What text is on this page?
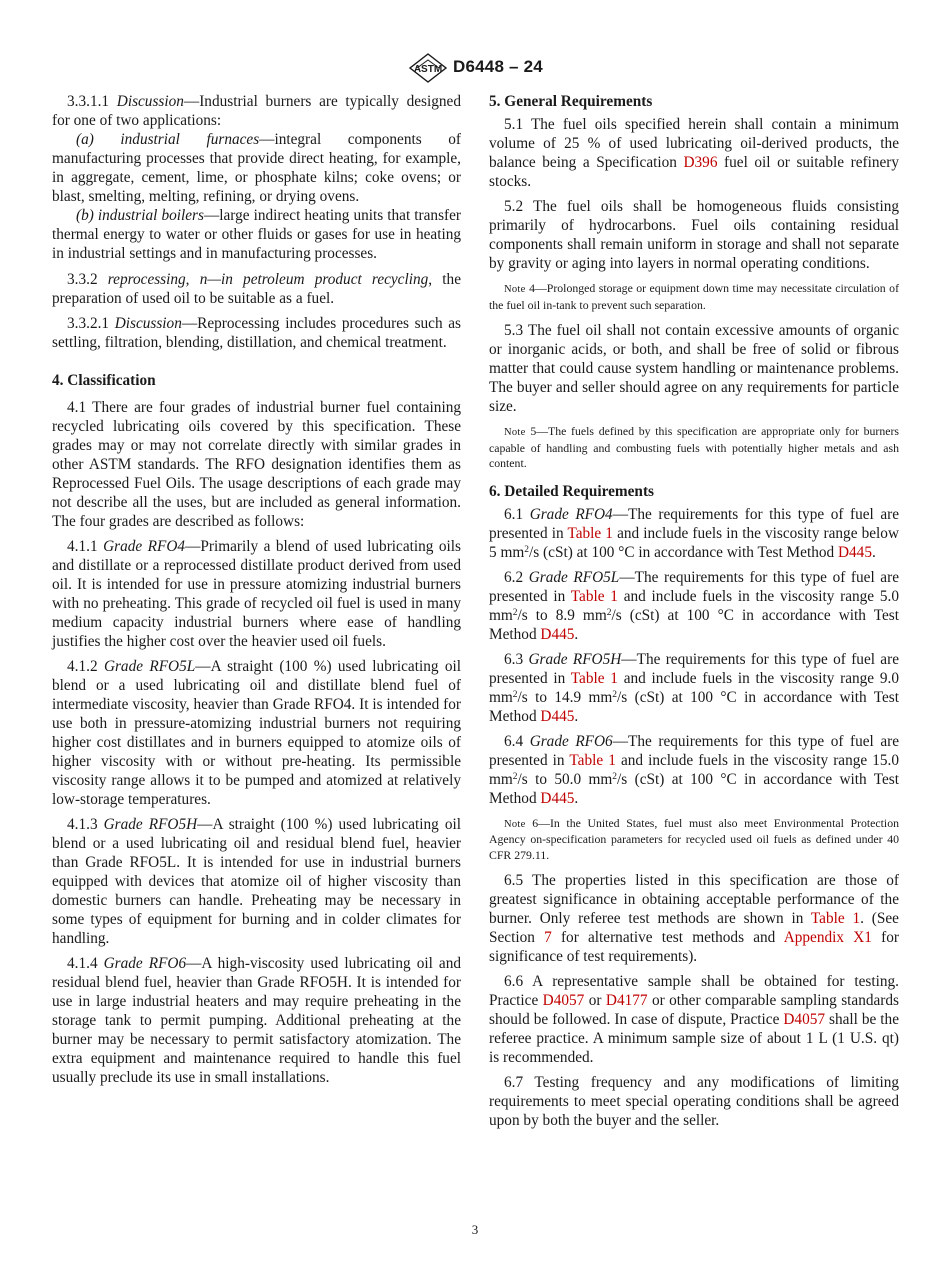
ASTM D6448 – 24

3.3.1.1 Discussion—Industrial burners are typically designed for one of two applications:

(a) industrial furnaces—integral components of manufacturing processes that provide direct heating, for example, in aggregate, cement, lime, or phosphate kilns; coke ovens; or blast, smelting, melting, refining, or drying ovens.

(b) industrial boilers—large indirect heating units that transfer thermal energy to water or other fluids or gases for use in heating in industrial settings and in manufacturing processes.

3.3.2 reprocessing, n—in petroleum product recycling, the preparation of used oil to be suitable as a fuel.

3.3.2.1 Discussion—Reprocessing includes procedures such as settling, filtration, blending, distillation, and chemical treatment.

4. Classification

4.1 There are four grades of industrial burner fuel containing recycled lubricating oils covered by this specification. These grades may or may not correlate directly with similar grades in other ASTM standards. The RFO designation identifies them as Reprocessed Fuel Oils. The usage descriptions of each grade may not describe all the uses, but are included as general information. The four grades are described as follows:

4.1.1 Grade RFO4—Primarily a blend of used lubricating oils and distillate or a reprocessed distillate product derived from used oil. It is intended for use in pressure atomizing industrial burners with no preheating. This grade of recycled oil fuel is used in many medium capacity industrial burners where ease of handling justifies the higher cost over the heavier used oil fuels.

4.1.2 Grade RFO5L—A straight (100 %) used lubricating oil blend or a used lubricating oil and distillate blend fuel of intermediate viscosity, heavier than Grade RFO4. It is intended for use both in pressure-atomizing industrial burners not requiring higher cost distillates and in burners equipped to atomize oils of higher viscosity with or without pre-heating. Its permissible viscosity range allows it to be pumped and atomized at relatively low-storage temperatures.

4.1.3 Grade RFO5H—A straight (100 %) used lubricating oil blend or a used lubricating oil and residual blend fuel, heavier than Grade RFO5L. It is intended for use in industrial burners equipped with devices that atomize oil of higher viscosity than domestic burners can handle. Preheating may be necessary in some types of equipment for burning and in colder climates for handling.

4.1.4 Grade RFO6—A high-viscosity used lubricating oil and residual blend fuel, heavier than Grade RFO5H. It is intended for use in large industrial heaters and may require preheating in the storage tank to permit pumping. Additional preheating at the burner may be necessary to permit satisfactory atomization. The extra equipment and maintenance required to handle this fuel usually preclude its use in small installations.

5. General Requirements

5.1 The fuel oils specified herein shall contain a minimum volume of 25 % of used lubricating oil-derived products, the balance being a Specification D396 fuel oil or suitable refinery stocks.

5.2 The fuel oils shall be homogeneous fluids consisting primarily of hydrocarbons. Fuel oils containing residual components shall remain uniform in storage and shall not separate by gravity or aging into layers in normal operating conditions.

Note 4—Prolonged storage or equipment down time may necessitate circulation of the fuel oil in-tank to prevent such separation.

5.3 The fuel oil shall not contain excessive amounts of organic or inorganic acids, or both, and shall be free of solid or fibrous matter that could cause system handling or maintenance problems. The buyer and seller should agree on any requirements for particle size.

Note 5—The fuels defined by this specification are appropriate only for burners capable of handling and combusting fuels with potentially higher metals and ash content.

6. Detailed Requirements

6.1 Grade RFO4—The requirements for this type of fuel are presented in Table 1 and include fuels in the viscosity range below 5 $mm^2/s$ (cSt) at 100 °C in accordance with Test Method D445.

6.2 Grade RFO5L—The requirements for this type of fuel are presented in Table 1 and include fuels in the viscosity range 5.0 $mm^2/s$ to 8.9 $mm^2/s$ (cSt) at 100 °C in accordance with Test Method D445.

6.3 Grade RFO5H—The requirements for this type of fuel are presented in Table 1 and include fuels in the viscosity range 9.0 $mm^2/s$ to 14.9 $mm^2/s$ (cSt) at 100 °C in accordance with Test Method D445.

6.4 Grade RFO6—The requirements for this type of fuel are presented in Table 1 and include fuels in the viscosity range 15.0 $mm^2/s$ to 50.0 $mm^2/s$ (cSt) at 100 °C in accordance with Test Method D445.

Note 6—In the United States, fuel must also meet Environmental Protection Agency on-specification parameters for recycled used oil fuels as defined under 40 CFR 279.11.

6.5 The properties listed in this specification are those of greatest significance in obtaining acceptable performance of the burner. Only referee test methods are shown in Table 1. (See Section 7 for alternative test methods and Appendix X1 for significance of test requirements).

6.6 A representative sample shall be obtained for testing. Practice D4057 or D4177 or other comparable sampling standards should be followed. In case of dispute, Practice D4057 shall be the referee practice. A minimum sample size of about 1 L (1 U.S. qt) is recommended.

6.7 Testing frequency and any modifications of limiting requirements to meet special operating conditions shall be agreed upon by both the buyer and the seller.

3
